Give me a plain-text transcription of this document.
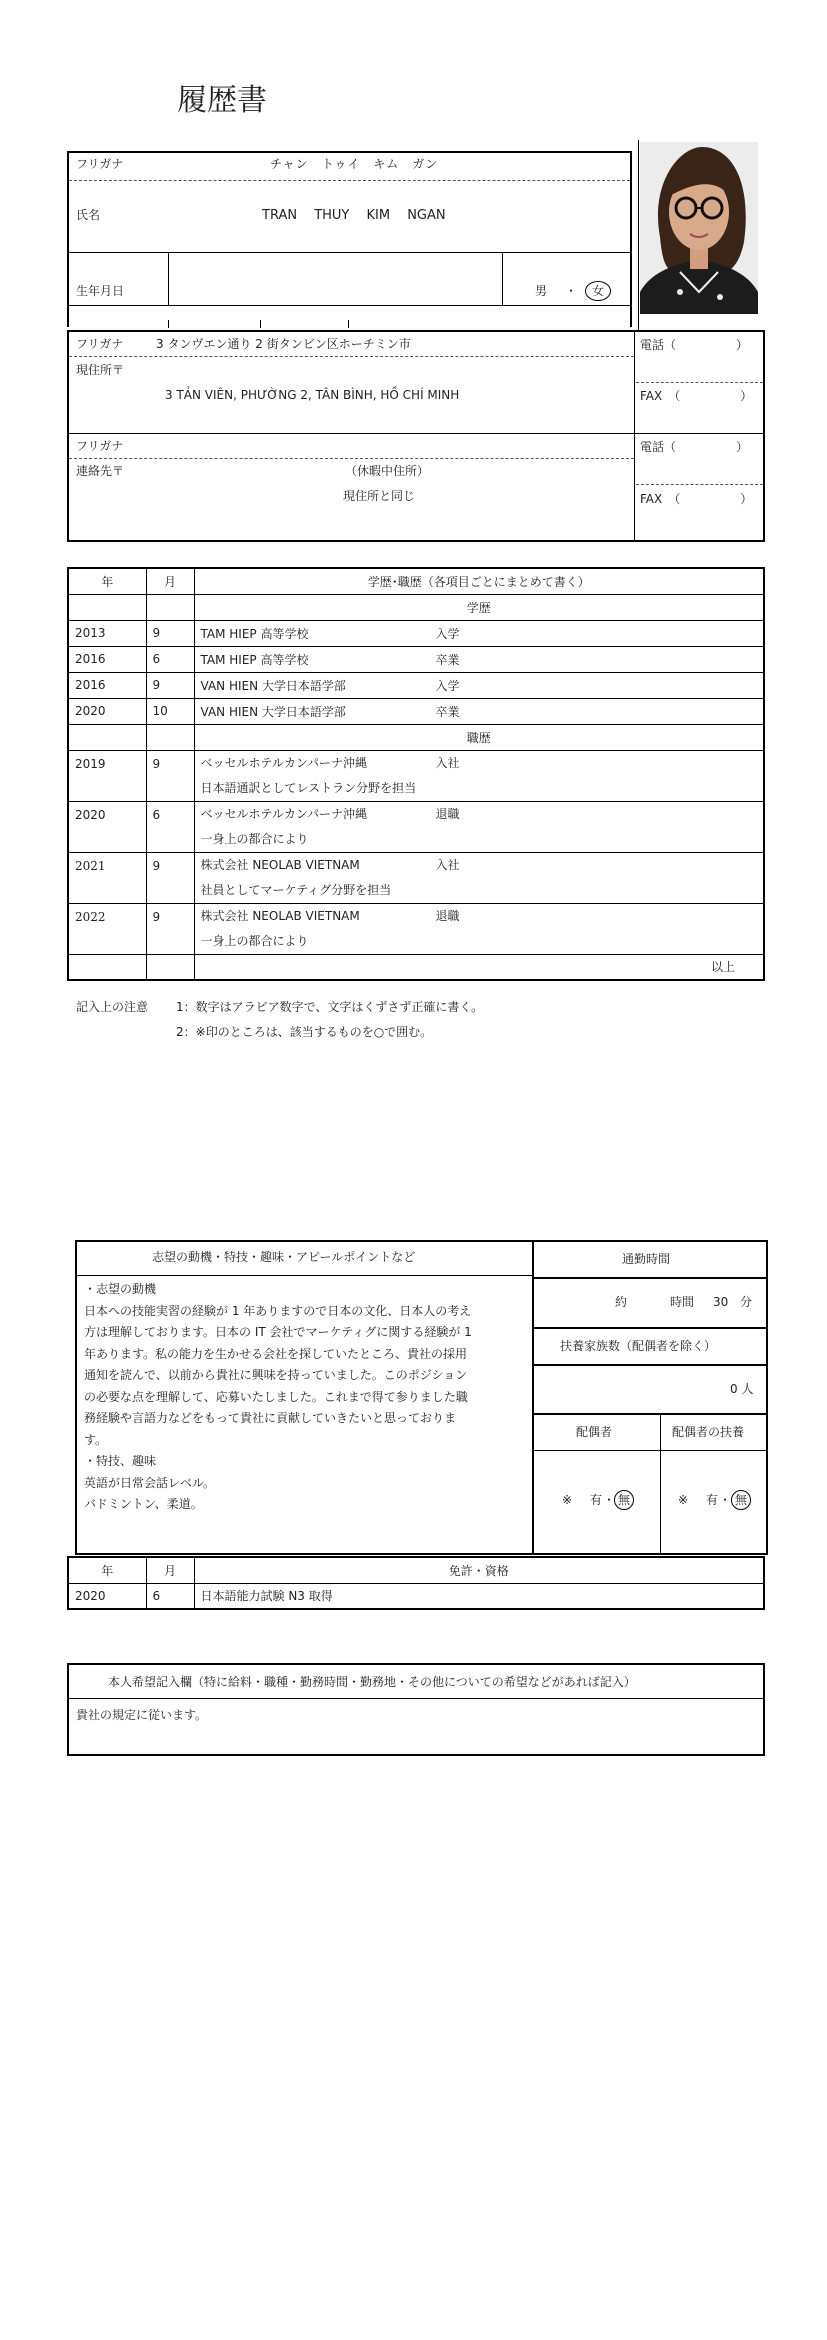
履歴書
フリガナ	チャン　トゥイ　キム　ガン
氏名	TRAN　 THUY　 KIM　 NGAN
生年月日	男 ・ 女
フリガナ	3 タンヴエン通り 2 街タンビン区ホーチミン市
現住所〒
3 TẢN VIÊN, PHƯỜNG 2, TÂN BÌNH, HỒ CHÍ MINH
電話（　　　　　）
FAX　（　　　　　）
フリガナ
連絡先〒	（休暇中住所）
現住所と同じ
電話（　　　　　）
FAX　（　　　　　）
年	月	学歴･職歴（各項目ごとにまとめて書く）
		学歴
2013	9	TAM HIEP 高等学校 入学
2016	6	TAM HIEP 高等学校 卒業
2016	9	VAN HIEN 大学日本語学部 入学
2020	10	VAN HIEN 大学日本語学部 卒業
		職歴
2019	9	ベッセルホテルカンパーナ沖縄 入社
日本語通訳としてレストラン分野を担当
2020	6	ベッセルホテルカンパーナ沖縄 退職
一身上の都合により
2021	9	株式会社 NEOLAB VIETNAM 入社
社員としてマーケティグ分野を担当
2022	9	株式会社 NEOLAB VIETNAM 退職
一身上の都合により
		以上
記入上の注意 1：数字はアラビア数字で、文字はくずさず正確に書く。
2：※印のところは、該当するものを○で囲む。
志望の動機・特技・趣味・アピールポイントなど
・志望の動機
日本への技能実習の経験が 1 年ありますので日本の文化、日本人の考え
方は理解しております。日本の IT 会社でマーケティグに関する経験が 1
年あります。私の能力を生かせる会社を探していたところ、貴社の採用
通知を読んで、以前から貴社に興味を持っていました。このポジション
の必要な点を理解して、応募いたしました。これまで得て参りました職
務経験や言語力などをもって貴社に貢献していきたいと思っておりま
す。
・特技、趣味
英語が日常会話レベル。
バドミントン、柔道。
通勤時間
約	時間 30 分
扶養家族数（配偶者を除く）
0 人
配偶者	配偶者の扶養
※ 有 ・ 無	※ 有 ・ 無
年	月	免許・資格
2020	6	日本語能力試験 N3 取得
本人希望記入欄（特に給料・職種・勤務時間・勤務地・その他についての希望などがあれば記入）
貴社の規定に従います。
